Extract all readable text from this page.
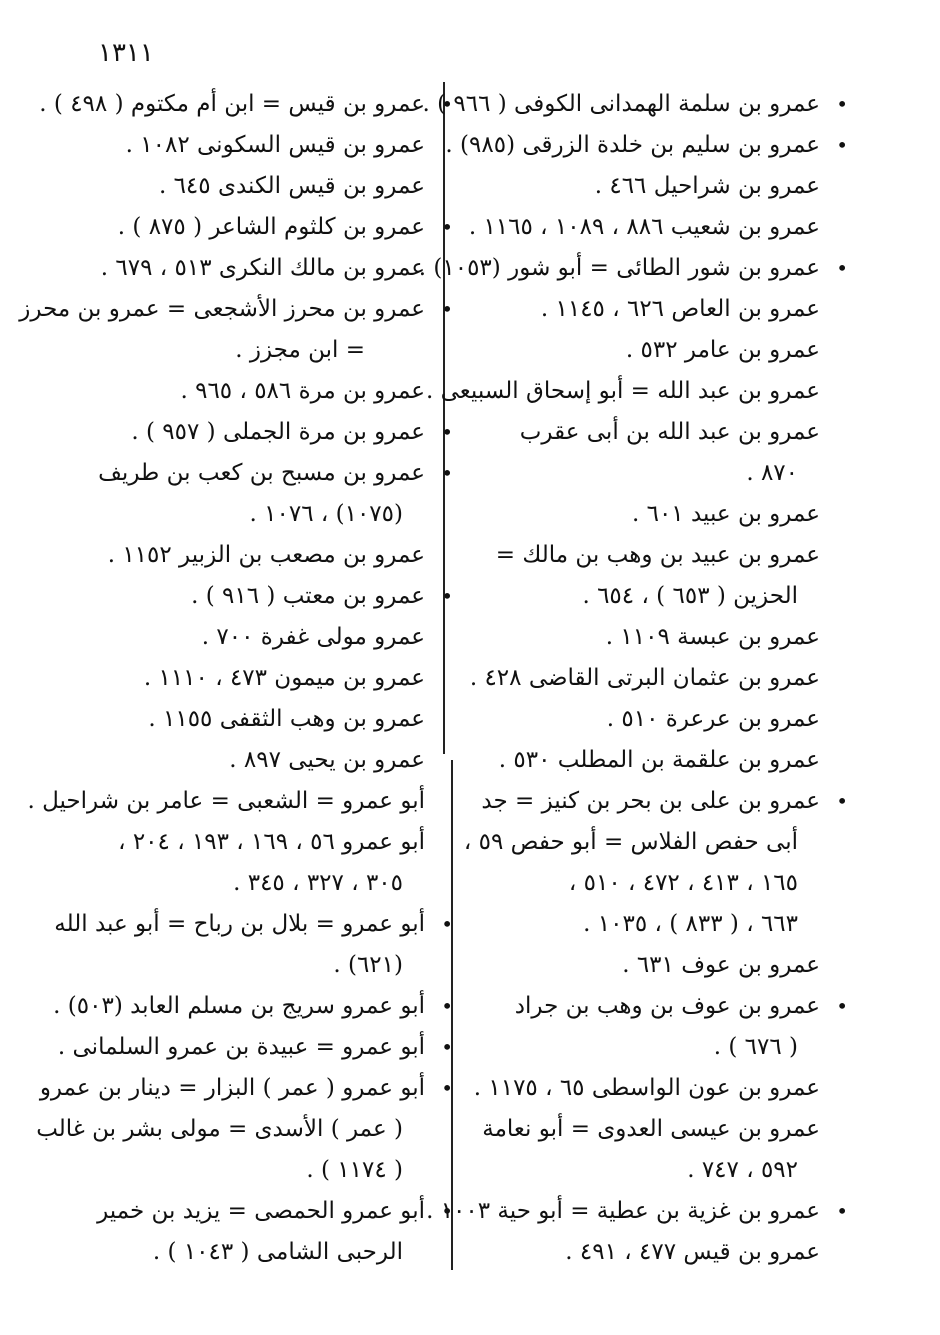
١٣١١
• عمرو بن سلمة الهمدانى الكوفى ( ٩٦٦ ) .
• عمرو بن سليم بن خلدة الزرقى (٩٨٥) .
عمرو بن شراحيل ٤٦٦ .
عمرو بن شعيب ٨٨٦ ، ١٠٨٩ ، ١١٦٥ .
• عمرو بن شور الطائى = أبو شور (١٠٥٣) .
عمرو بن العاص ٦٢٦ ، ١١٤٥ .
عمرو بن عامر ٥٣٢ .
عمرو بن عبد الله = أبو إسحاق السبيعى .
عمرو بن عبد الله بن أبى عقرب
٨٧٠ .
عمرو بن عبيد ٦٠١ .
عمرو بن عبيد بن وهب بن مالك =
الحزين ( ٦٥٣ ) ، ٦٥٤ .
عمرو بن عبسة ١١٠٩ .
عمرو بن عثمان البرتى القاضى ٤٢٨ .
عمرو بن عرعرة ٥١٠ .
عمرو بن علقمة بن المطلب ٥٣٠ .
• عمرو بن على بن بحر بن كنيز = جد
أبى حفص الفلاس = أبو حفص ٥٩ ،
١٦٥ ، ٤١٣ ، ٤٧٢ ، ٥١٠ ،
٦٦٣ ، ( ٨٣٣ ) ، ١٠٣٥ .
عمرو بن عوف ٦٣١ .
• عمرو بن عوف بن وهب بن جراد
( ٦٧٦ ) .
عمرو بن عون الواسطى ٦٥ ، ١١٧٥ .
عمرو بن عيسى العدوى = أبو نعامة
٥٩٢ ، ٧٤٧ .
• عمرو بن غزية بن عطية = أبو حية ١٠٠٣ .
عمرو بن قيس ٤٧٧ ، ٤٩١ .
• عمرو بن قيس = ابن أم مكتوم ( ٤٩٨ ) .
عمرو بن قيس السكونى ١٠٨٢ .
عمرو بن قيس الكندى ٦٤٥ .
• عمرو بن كلثوم الشاعر ( ٨٧٥ ) .
عمرو بن مالك النكرى ٥١٣ ، ٦٧٩ .
• عمرو بن محرز الأشجعى = عمرو بن محرز
= ابن مجزز .
عمرو بن مرة ٥٨٦ ، ٩٦٥ .
• عمرو بن مرة الجملى ( ٩٥٧ ) .
• عمرو بن مسبح بن كعب بن طريف
(١٠٧٥) ، ١٠٧٦ .
عمرو بن مصعب بن الزبير ١١٥٢ .
• عمرو بن معتب ( ٩١٦ ) .
عمرو مولى غفرة ٧٠٠ .
عمرو بن ميمون ٤٧٣ ، ١١١٠ .
عمرو بن وهب الثقفى ١١٥٥ .
عمرو بن يحيى ٨٩٧ .
أبو عمرو = الشعبى = عامر بن شراحيل .
أبو عمرو ٥٦ ، ١٦٩ ، ١٩٣ ، ٢٠٤ ،
٣٠٥ ، ٣٢٧ ، ٣٤٥ .
• أبو عمرو = بلال بن رباح = أبو عبد الله
(٦٢١) .
• أبو عمرو سريج بن مسلم العابد (٥٠٣) .
• أبو عمرو = عبيدة بن عمرو السلمانى .
• أبو عمرو ( عمر ) البزار = دينار بن عمرو
( عمر ) الأسدى = مولى بشر بن غالب
( ١١٧٤ ) .
• أبو عمرو الحمصى = يزيد بن خمير
الرحبى الشامى ( ١٠٤٣ ) .
